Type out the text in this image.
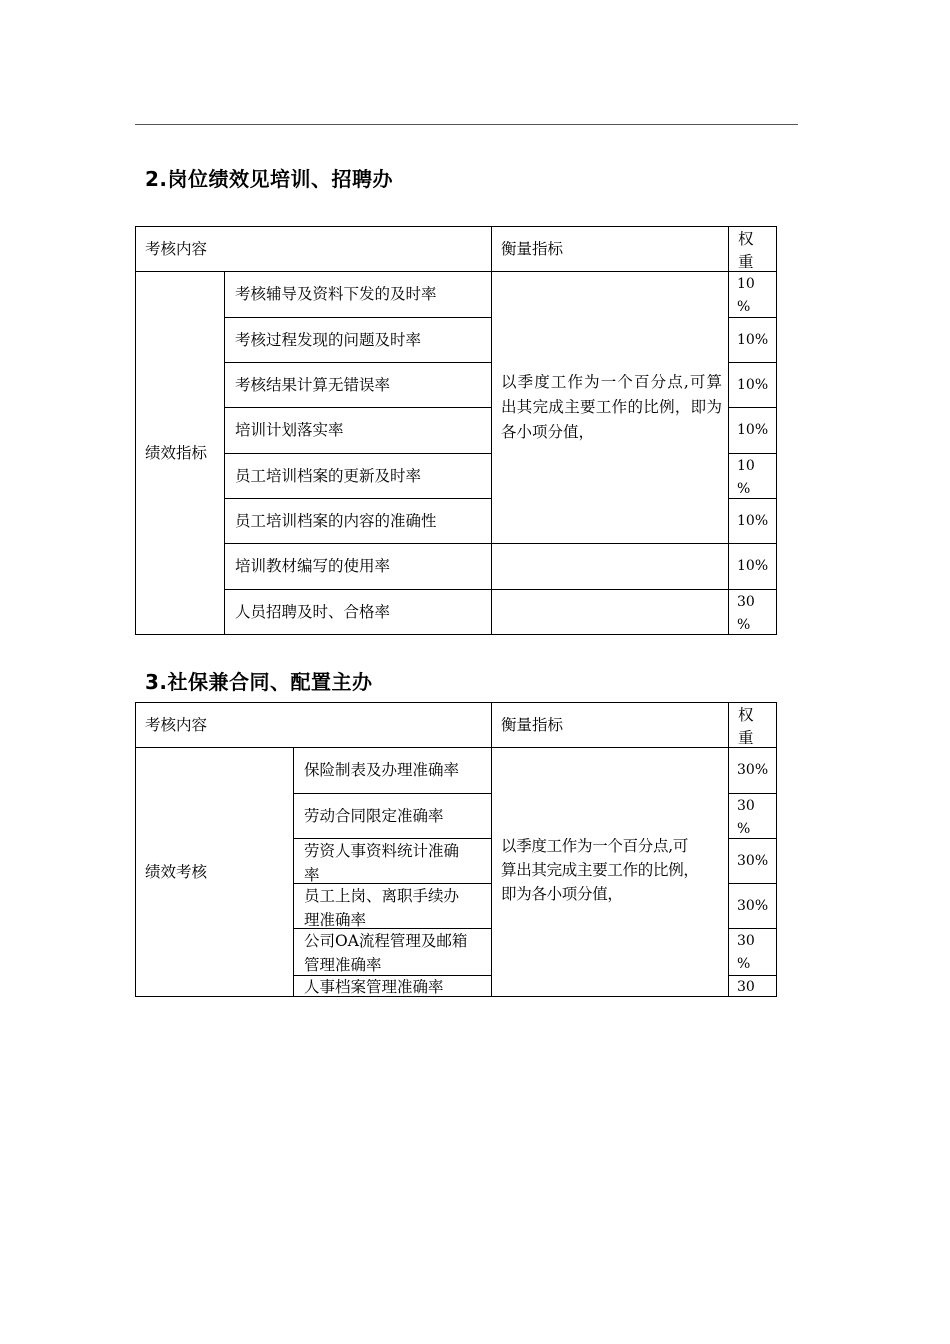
2.岗位绩效见培训、招聘办
考核内容	衡量指标
权
重
绩效指标
考核辅导及资料下发的及时率
考核过程发现的问题及时率
考核结果计算无错误率
培训计划落实率
员工培训档案的更新及时率
员工培训档案的内容的准确性
培训教材编写的使用率
人员招聘及时、合格率
以季度工作为一个百分点,可算出其完成主要工作的比例，即为各小项分值，
10
%
10%
10%
10%
10
%
10%
10%
30
%
3.社保兼合同、配置主办
考核内容	衡量指标
权
重
绩效考核
保险制表及办理准确率
劳动合同限定准确率
劳资人事资料统计准确
率
员工上岗、离职手续办
理准确率
公司OA流程管理及邮箱
管理准确率
人事档案管理准确率
以季度工作为一个百分点,可
算出其完成主要工作的比例，
即为各小项分值，
30%
30
%
30%
30%
30
%
30
